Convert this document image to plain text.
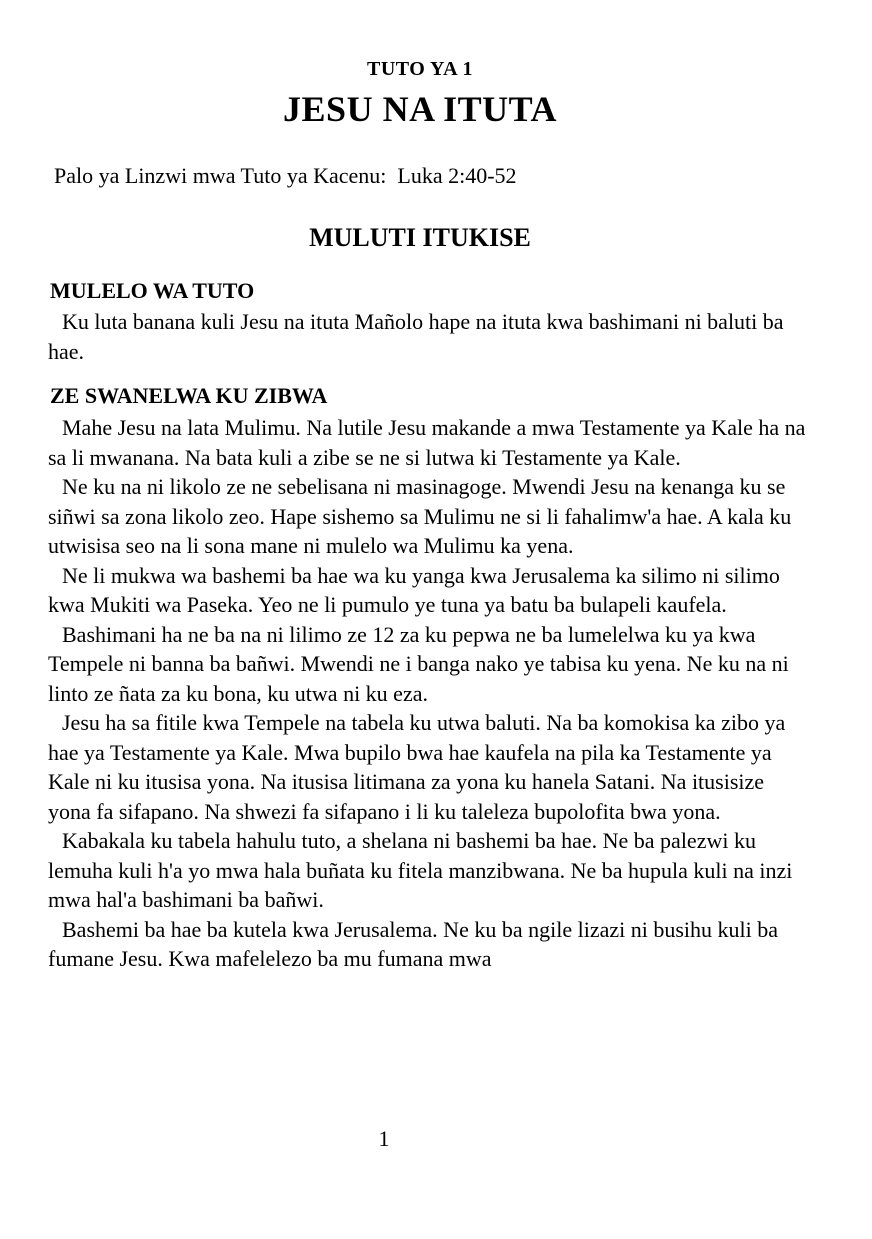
TUTO YA 1
JESU NA ITUTA
Palo ya Linzwi mwa Tuto ya Kacenu:  Luka 2:40-52
MULUTI ITUKISE
MULELO WA TUTO

Ku luta banana kuli Jesu na ituta Mañolo hape na ituta kwa bashimani ni baluti ba hae.

ZE SWANELWA KU ZIBWA

Mahe Jesu na lata Mulimu. Na lutile Jesu makande a mwa Testamente ya Kale ha na sa li mwanana. Na bata kuli a zibe se ne si lutwa ki Testamente ya Kale.

Ne ku na ni likolo ze ne sebelisana ni masinagoge. Mwendi Jesu na kenanga ku se siñwi sa zona likolo zeo. Hape sishemo sa Mulimu ne si li fahalimw'a hae. A kala ku utwisisa seo na li sona mane ni mulelo wa Mulimu ka yena.

Ne li mukwa wa bashemi ba hae wa ku yanga kwa Jerusalema ka silimo ni silimo kwa Mukiti wa Paseka. Yeo ne li pumulo ye tuna ya batu ba bulapeli kaufela.

Bashimani ha ne ba na ni lilimo ze 12 za ku pepwa ne ba lumelelwa ku ya kwa Tempele ni banna ba bañwi. Mwendi ne i banga nako ye tabisa ku yena. Ne ku na ni linto ze ñata za ku bona, ku utwa ni ku eza.

Jesu ha sa fitile kwa Tempele na tabela ku utwa baluti. Na ba komokisa ka zibo ya hae ya Testamente ya Kale. Mwa bupilo bwa hae kaufela na pila ka Testamente ya Kale ni ku itusisa yona. Na itusisa litimana za yona ku hanela Satani. Na itusisize yona fa sifapano. Na shwezi fa sifapano i li ku taleleza bupolofita bwa yona.

Kabakala ku tabela hahulu tuto, a shelana ni bashemi ba hae. Ne ba palezwi ku lemuha kuli h'a yo mwa hala buñata ku fitela manzibwana. Ne ba hupula kuli na inzi mwa hal'a bashimani ba bañwi.

Bashemi ba hae ba kutela kwa Jerusalema. Ne ku ba ngile lizazi ni busihu kuli ba fumane Jesu. Kwa mafelelezo ba mu fumana mwa

1
